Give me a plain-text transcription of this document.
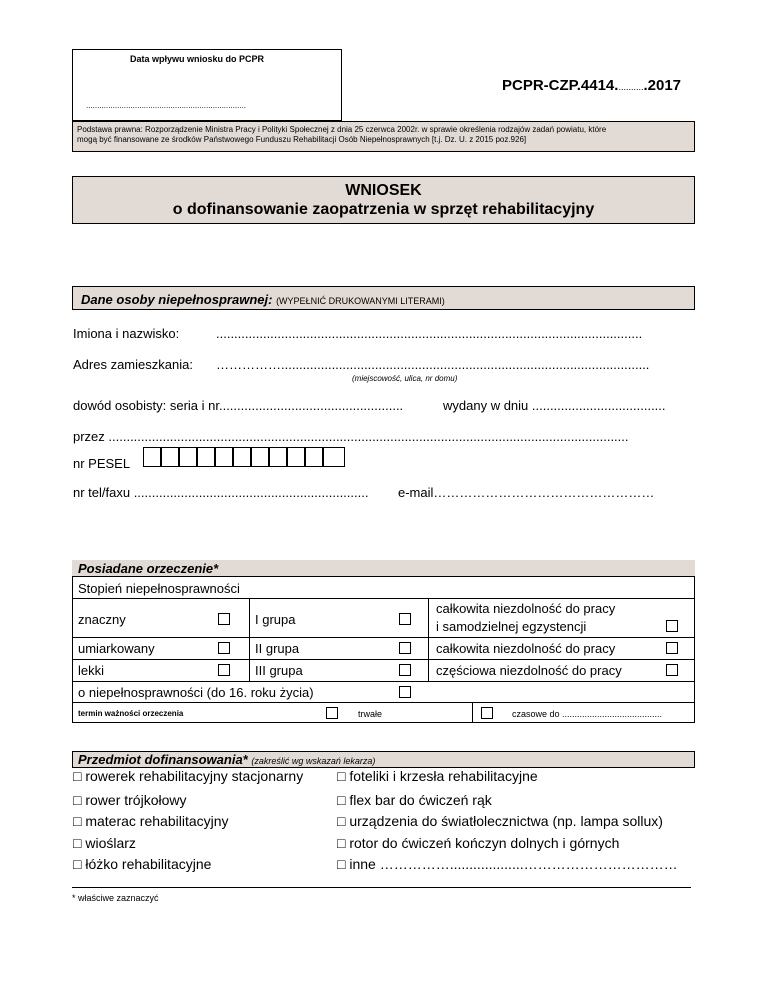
Data wpływu wniosku do PCPR
........................................................................
PCPR-CZP.4414............2017
Podstawa prawna: Rozporządzenie Ministra Pracy i Polityki Społecznej z dnia 25 czerwca 2002r. w sprawie określenia rodzajów zadań powiatu, które
mogą być finansowane ze środków Państwowego Funduszu Rehabilitacji Osób Niepełnosprawnych [t.j. Dz. U. z 2015 poz.926]
WNIOSEK
o dofinansowanie zaopatrzenia w sprzęt rehabilitacyjny
Dane osoby niepełnosprawnej: (WYPEŁNIĆ DRUKOWANYMI LITERAMI)
Imiona i nazwisko:	......................................................................................................................
Adres zamieszkania: ……………......................................................................................................
(miejscowość, ulica, nr domu)
dowód osobisty: seria i nr...................................................	wydany w dniu .....................................
przez ................................................................................................................................................
nr PESEL
nr tel/faxu ................................................................. e-mail……………………………………………
Posiadane orzeczenie*
Stopień niepełnosprawności
znaczny	I grupa
całkowita niezdolność do pracy
i samodzielnej egzystencji
umiarkowany	II grupa	całkowita niezdolność do pracy
lekki	III grupa	częściowa niezdolność do pracy
o niepełnosprawności (do 16. roku życia)
termin ważności orzeczenia	trwałe	czasowe do ........................................
Przedmiot dofinansowania* (zakreślić wg wskazań lekarza)
□ rowerek rehabilitacyjny stacjonarny
□ rower trójkołowy
□ materac rehabilitacyjny
□ wioślarz
□ łóżko rehabilitacyjne
□ foteliki i krzesła rehabilitacyjne
□ flex bar do ćwiczeń rąk
□ urządzenia do światłolecznictwa (np. lampa sollux)
□ rotor do ćwiczeń kończyn dolnych i górnych
□ inne ……………...................……………………………
* właściwe zaznaczyć
